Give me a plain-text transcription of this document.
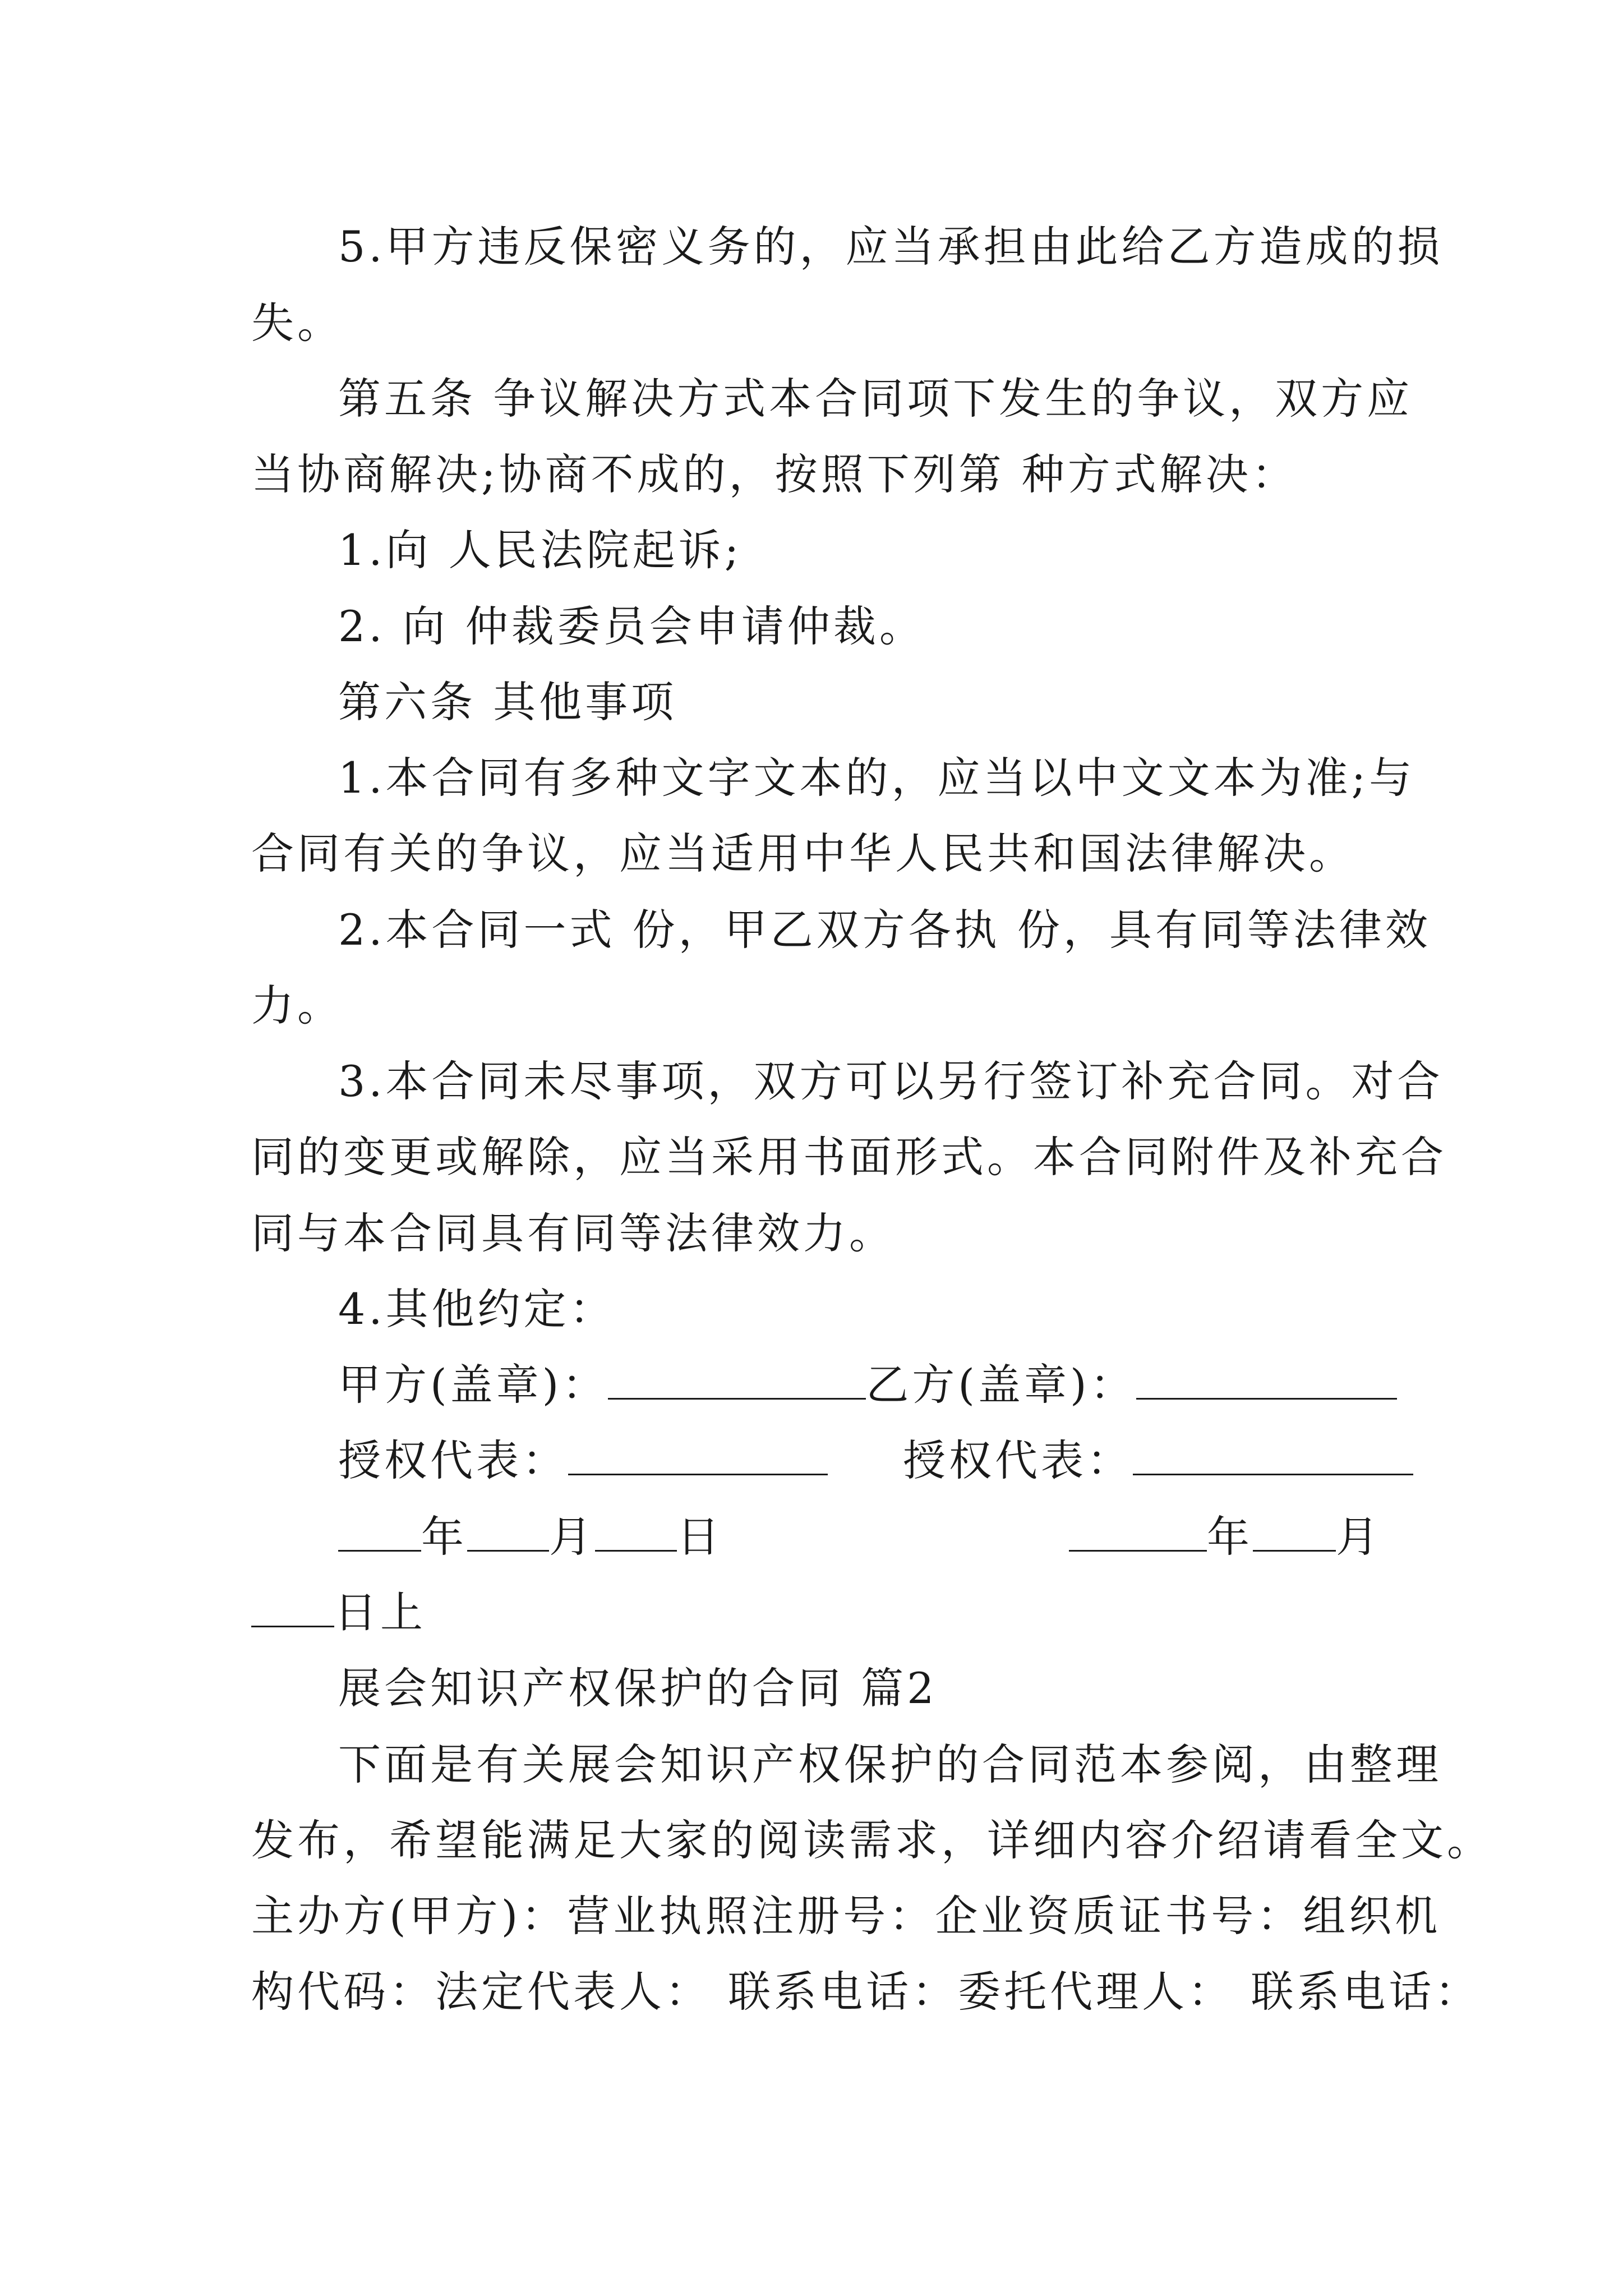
5.甲方违反保密义务的，应当承担由此给乙方造成的损
失。
第五条 争议解决方式本合同项下发生的争议，双方应
当协商解决;协商不成的，按照下列第 种方式解决：
1.向 人民法院起诉;
2. 向 仲裁委员会申请仲裁。
第六条 其他事项
1.本合同有多种文字文本的，应当以中文文本为准;与
合同有关的争议，应当适用中华人民共和国法律解决。
2.本合同一式 份，甲乙双方各执 份，具有同等法律效
力。
3.本合同未尽事项，双方可以另行签订补充合同。对合
同的变更或解除，应当采用书面形式。本合同附件及补充合
同与本合同具有同等法律效力。
4.其他约定：
甲方(盖章)：	乙方(盖章)：
授权代表：	授权代表：
年 月 日	年 月
日上
展会知识产权保护的合同 篇2
下面是有关展会知识产权保护的合同范本参阅，由整理
发布，希望能满足大家的阅读需求，详细内容介绍请看全文。
主办方(甲方)：营业执照注册号：企业资质证书号：组织机
构代码：法定代表人： 联系电话：委托代理人： 联系电话：
